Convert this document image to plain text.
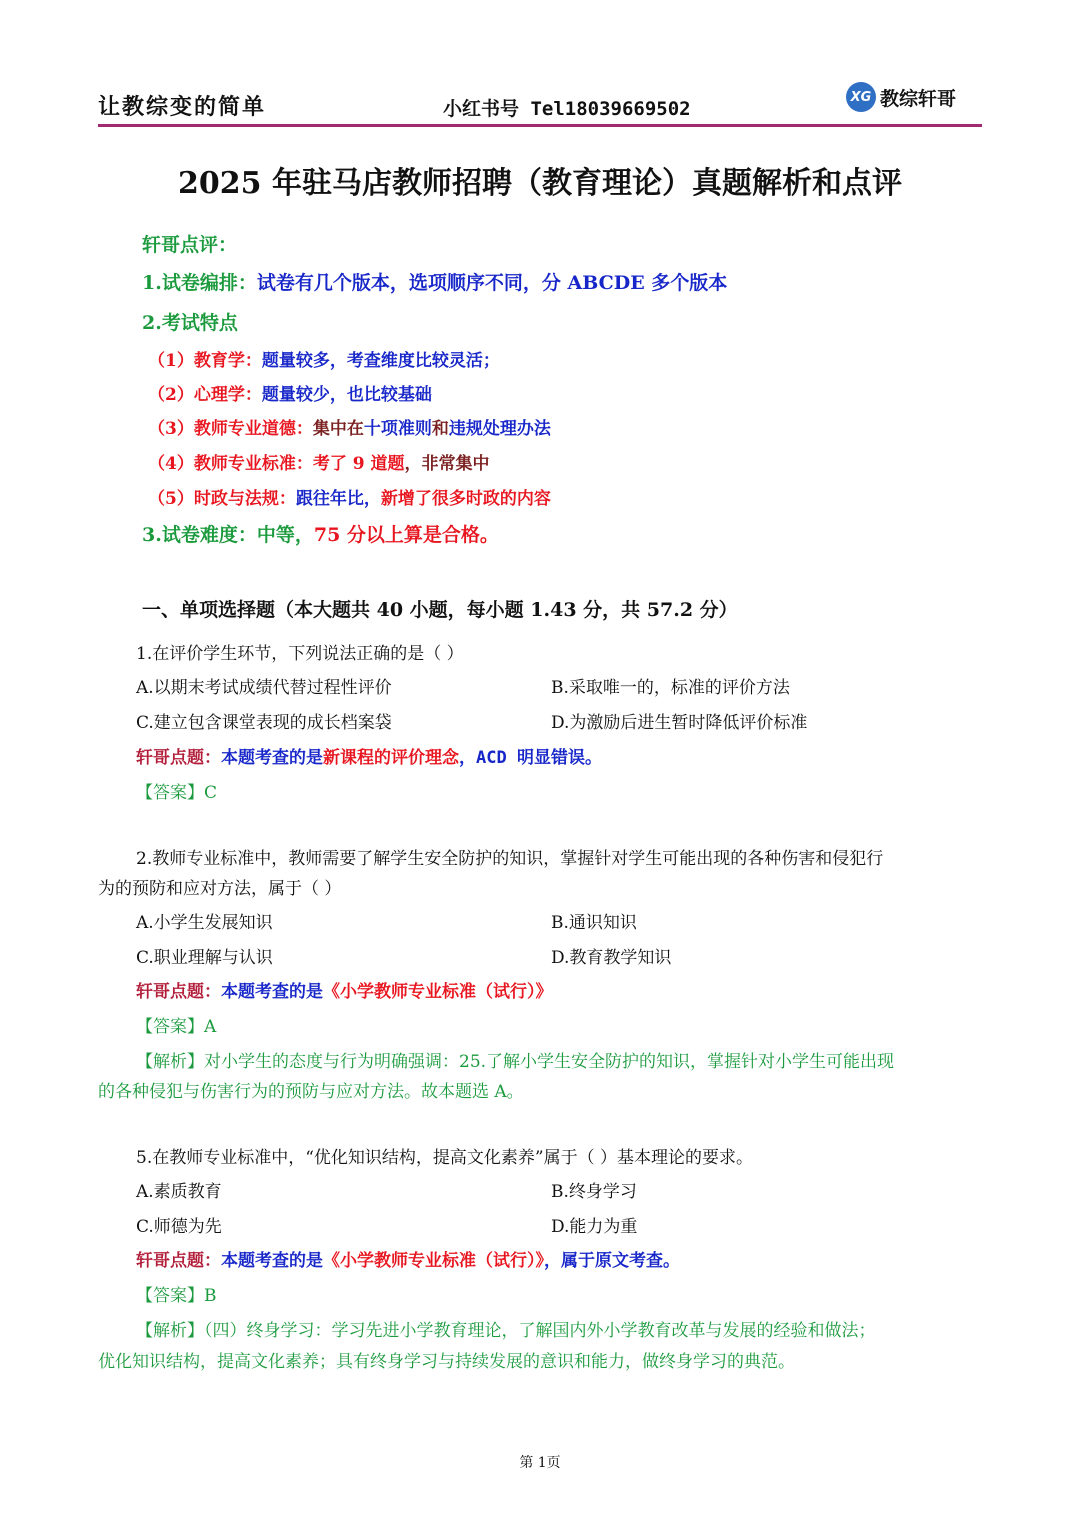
让教综变的简单	小红书号 Tel18039669502
XG 教综轩哥
2025 年驻马店教师招聘（教育理论）真题解析和点评
轩哥点评：
1.试卷编排：试卷有几个版本，选项顺序不同，分 ABCDE 多个版本
2.考试特点
（1）教育学：题量较多，考查维度比较灵活；
（2）心理学：题量较少，也比较基础
（3）教师专业道德：集中在十项准则和违规处理办法
（4）教师专业标准：考了 9 道题，非常集中
（5）时政与法规：跟往年比，新增了很多时政的内容
3.试卷难度：中等，75 分以上算是合格。
一、单项选择题（本大题共 40 小题，每小题 1.43 分，共 57.2 分）
1.在评价学生环节，下列说法正确的是（ ）
A.以期末考试成绩代替过程性评价	B.采取唯一的，标准的评价方法
C.建立包含课堂表现的成长档案袋	D.为激励后进生暂时降低评价标准
轩哥点题：本题考查的是新课程的评价理念，ACD 明显错误。
【答案】C
2.教师专业标准中，教师需要了解学生安全防护的知识，掌握针对学生可能出现的各种伤害和侵犯行
为的预防和应对方法，属于（ ）
A.小学生发展知识	B.通识知识
C.职业理解与认识	D.教育教学知识
轩哥点题：本题考查的是《小学教师专业标准（试行）》
【答案】A
【解析】对小学生的态度与行为明确强调：25.了解小学生安全防护的知识，掌握针对小学生可能出现
的各种侵犯与伤害行为的预防与应对方法。故本题选 A。
5.在教师专业标准中，“优化知识结构，提高文化素养”属于（ ）基本理论的要求。
A.素质教育	B.终身学习
C.师德为先	D.能力为重
轩哥点题：本题考查的是《小学教师专业标准（试行）》，属于原文考查。
【答案】B
【解析】（四）终身学习：学习先进小学教育理论，了解国内外小学教育改革与发展的经验和做法；
优化知识结构，提高文化素养；具有终身学习与持续发展的意识和能力，做终身学习的典范。
第 1页
